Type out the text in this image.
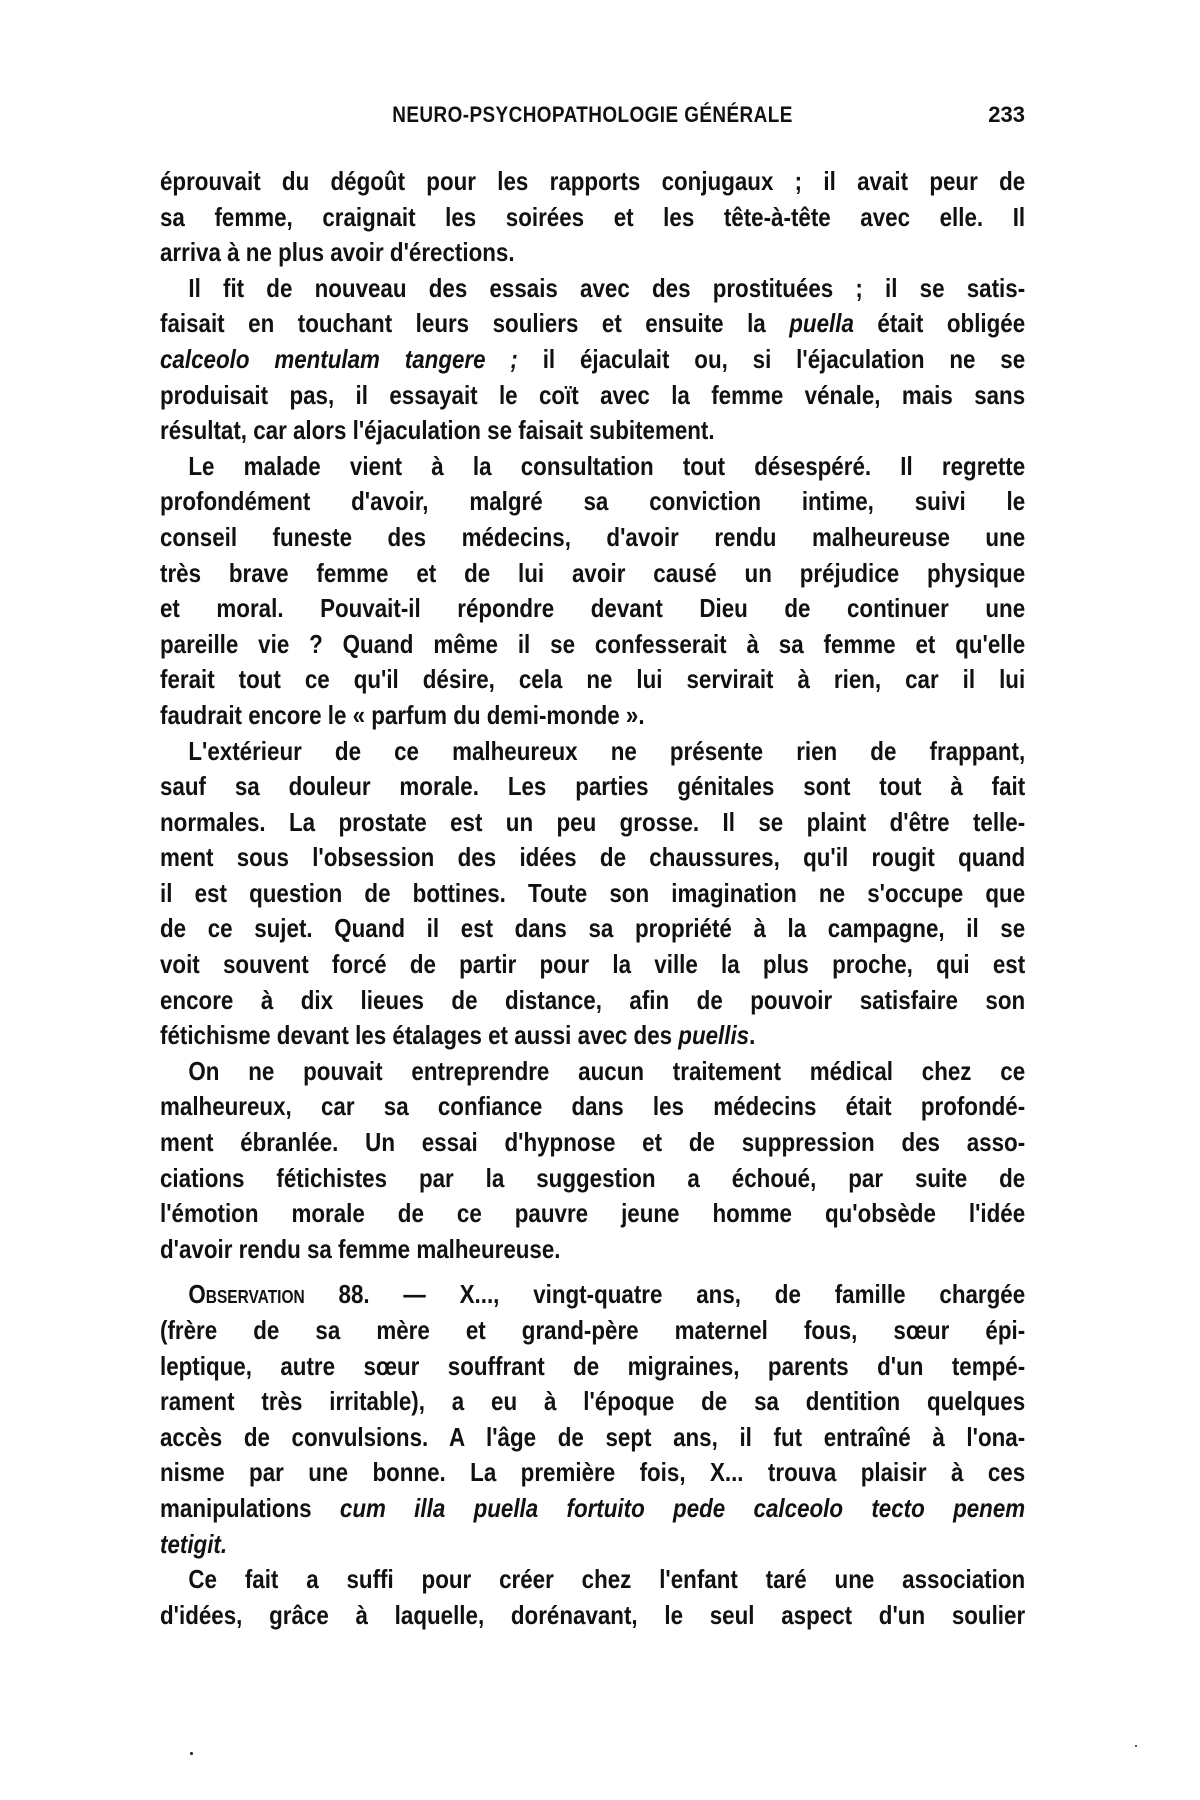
NEURO-PSYCHOPATHOLOGIE GÉNÉRALE	233
éprouvait du dégoût pour les rapports conjugaux ; il avait peur de
sa femme, craignait les soirées et les tête-à-tête avec elle. Il
arriva à ne plus avoir d'érections.
Il fit de nouveau des essais avec des prostituées ; il se satis-
faisait en touchant leurs souliers et ensuite la puella était obligée
calceolo mentulam tangere ; il éjaculait ou, si l'éjaculation ne se
produisait pas, il essayait le coït avec la femme vénale, mais sans
résultat, car alors l'éjaculation se faisait subitement.
Le malade vient à la consultation tout désespéré. Il regrette
profondément d'avoir, malgré sa conviction intime, suivi le
conseil funeste des médecins, d'avoir rendu malheureuse une
très brave femme et de lui avoir causé un préjudice physique
et moral. Pouvait-il répondre devant Dieu de continuer une
pareille vie ? Quand même il se confesserait à sa femme et qu'elle
ferait tout ce qu'il désire, cela ne lui servirait à rien, car il lui
faudrait encore le « parfum du demi-monde ».
L'extérieur de ce malheureux ne présente rien de frappant,
sauf sa douleur morale. Les parties génitales sont tout à fait
normales. La prostate est un peu grosse. Il se plaint d'être telle-
ment sous l'obsession des idées de chaussures, qu'il rougit quand
il est question de bottines. Toute son imagination ne s'occupe que
de ce sujet. Quand il est dans sa propriété à la campagne, il se
voit souvent forcé de partir pour la ville la plus proche, qui est
encore à dix lieues de distance, afin de pouvoir satisfaire son
fétichisme devant les étalages et aussi avec des puellis.
On ne pouvait entreprendre aucun traitement médical chez ce
malheureux, car sa confiance dans les médecins était profondé-
ment ébranlée. Un essai d'hypnose et de suppression des asso-
ciations fétichistes par la suggestion a échoué, par suite de
l'émotion morale de ce pauvre jeune homme qu'obsède l'idée
d'avoir rendu sa femme malheureuse.
Observation 88. — X..., vingt-quatre ans, de famille chargée
(frère de sa mère et grand-père maternel fous, sœur épi-
leptique, autre sœur souffrant de migraines, parents d'un tempé-
rament très irritable), a eu à l'époque de sa dentition quelques
accès de convulsions. A l'âge de sept ans, il fut entraîné à l'ona-
nisme par une bonne. La première fois, X... trouva plaisir à ces
manipulations cum illa puella fortuito pede calceolo tecto penem
tetigit.
Ce fait a suffi pour créer chez l'enfant taré une association
d'idées, grâce à laquelle, dorénavant, le seul aspect d'un soulier
